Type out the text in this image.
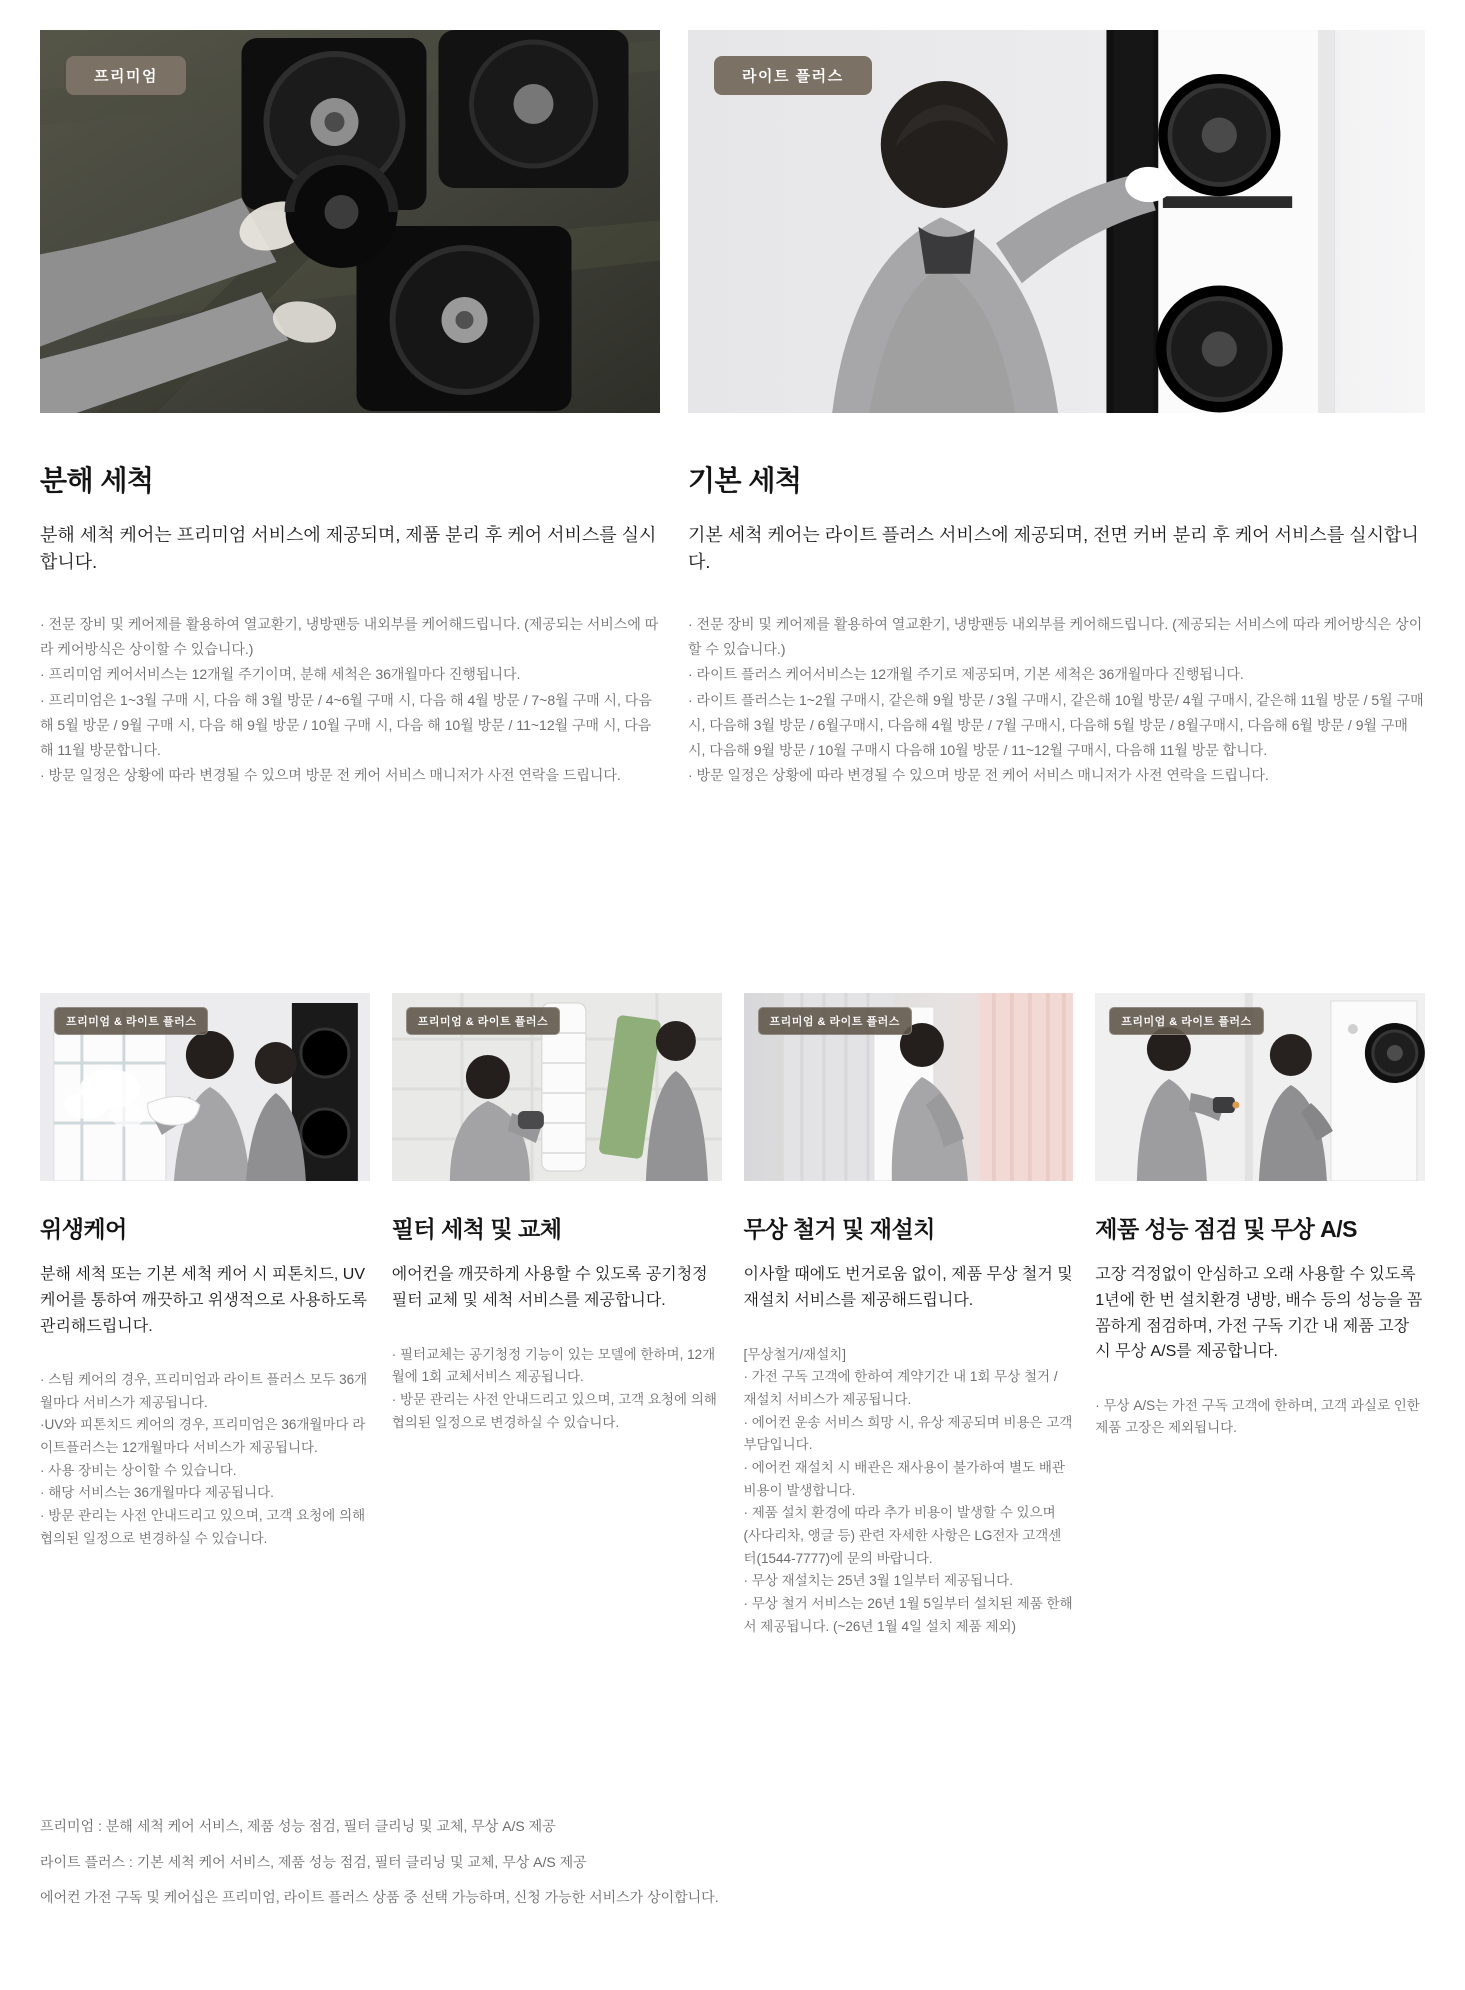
프리미엄
분해 세척

분해 세척 케어는 프리미엄 서비스에 제공되며, 제품 분리 후 케어 서비스를 실시합니다.

· 전문 장비 및 케어제를 활용하여 열교환기, 냉방팬등 내외부를 케어해드립니다. (제공되는 서비스에 따라 케어방식은 상이할 수 있습니다.)

· 프리미엄 케어서비스는 12개월 주기이며, 분해 세척은 36개월마다 진행됩니다.

· 프리미엄은 1~3월 구매 시, 다음 해 3월 방문 / 4~6월 구매 시, 다음 해 4월 방문 / 7~8월 구매 시, 다음 해 5월 방문 / 9월 구매 시, 다음 해 9월 방문 / 10월 구매 시, 다음 해 10월 방문 / 11~12월 구매 시, 다음 해 11월 방문합니다.

· 방문 일정은 상황에 따라 변경될 수 있으며 방문 전 케어 서비스 매니저가 사전 연락을 드립니다.

라이트 플러스
기본 세척

기본 세척 케어는 라이트 플러스 서비스에 제공되며, 전면 커버 분리 후 케어 서비스를 실시합니다.

· 전문 장비 및 케어제를 활용하여 열교환기, 냉방팬등 내외부를 케어해드립니다. (제공되는 서비스에 따라 케어방식은 상이할 수 있습니다.)

· 라이트 플러스 케어서비스는 12개월 주기로 제공되며, 기본 세척은 36개월마다 진행됩니다.

· 라이트 플러스는 1~2월 구매시, 같은해 9월 방문 / 3월 구매시, 같은해 10월 방문/ 4월 구매시, 같은해 11월 방문 / 5월 구매시, 다음해 3월 방문 / 6월구매시, 다음해 4월 방문 / 7월 구매시, 다음해 5월 방문 / 8월구매시, 다음해 6월 방문 / 9월 구매시, 다음해 9월 방문 / 10월 구매시 다음해 10월 방문 / 11~12월 구매시, 다음해 11월 방문 합니다.

· 방문 일정은 상황에 따라 변경될 수 있으며 방문 전 케어 서비스 매니저가 사전 연락을 드립니다.

프리미엄 & 라이트 플러스
위생케어

분해 세척 또는 기본 세척 케어 시 피톤치드, UV 케어를 통하여 깨끗하고 위생적으로 사용하도록 관리해드립니다.

· 스팀 케어의 경우, 프리미엄과 라이트 플러스 모두 36개월마다 서비스가 제공됩니다.

·UV와 피톤치드 케어의 경우, 프리미엄은 36개월마다 라이트플러스는 12개월마다 서비스가 제공됩니다.

· 사용 장비는 상이할 수 있습니다.

· 해당 서비스는 36개월마다 제공됩니다.

· 방문 관리는 사전 안내드리고 있으며, 고객 요청에 의해 협의된 일정으로 변경하실 수 있습니다.

프리미엄 & 라이트 플러스
필터 세척 및 교체

에어컨을 깨끗하게 사용할 수 있도록 공기청정 필터 교체 및 세척 서비스를 제공합니다.

· 필터교체는 공기청정 기능이 있는 모델에 한하며, 12개월에 1회 교체서비스 제공됩니다.

· 방문 관리는 사전 안내드리고 있으며, 고객 요청에 의해 협의된 일정으로 변경하실 수 있습니다.

프리미엄 & 라이트 플러스
무상 철거 및 재설치

이사할 때에도 번거로움 없이, 제품 무상 철거 및 재설치 서비스를 제공해드립니다.

[무상철거/재설치]

· 가전 구독 고객에 한하여 계약기간 내 1회 무상 철거 / 재설치 서비스가 제공됩니다.

· 에어컨 운송 서비스 희망 시, 유상 제공되며 비용은 고객부담입니다.

· 에어컨 재설치 시 배관은 재사용이 불가하여 별도 배관 비용이 발생합니다.

· 제품 설치 환경에 따라 추가 비용이 발생할 수 있으며 (사다리차, 앵글 등) 관련 자세한 사항은 LG전자 고객센터(1544-7777)에 문의 바랍니다.

· 무상 재설치는 25년 3월 1일부터 제공됩니다.

· 무상 철거 서비스는 26년 1월 5일부터 설치된 제품 한해서 제공됩니다. (~26년 1월 4일 설치 제품 제외)

프리미엄 & 라이트 플러스
제품 성능 점검 및 무상 A/S

고장 걱정없이 안심하고 오래 사용할 수 있도록 1년에 한 번 설치환경 냉방, 배수 등의 성능을 꼼꼼하게 점검하며, 가전 구독 기간 내 제품 고장 시 무상 A/S를 제공합니다.

· 무상 A/S는 가전 구독 고객에 한하며, 고객 과실로 인한 제품 고장은 제외됩니다.

프리미엄 : 분해 세척 케어 서비스, 제품 성능 점검, 필터 클리닝 및 교체, 무상 A/S 제공

라이트 플러스 : 기본 세척 케어 서비스, 제품 성능 점검, 필터 클리닝 및 교체, 무상 A/S 제공

에어컨 가전 구독 및 케어십은 프리미엄, 라이트 플러스 상품 중 선택 가능하며, 신청 가능한 서비스가 상이합니다.
